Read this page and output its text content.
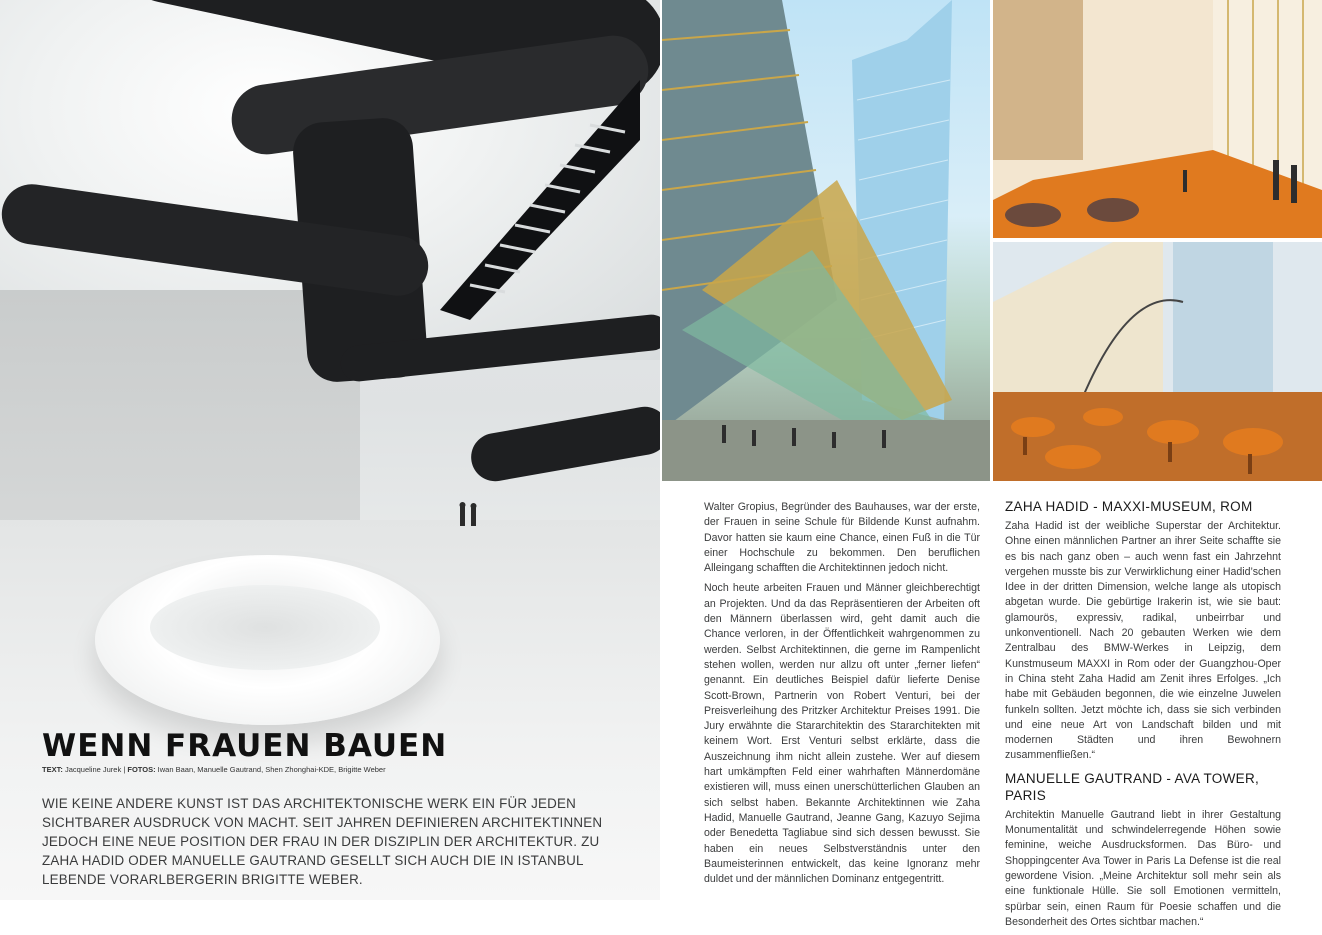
WENN FRAUEN BAUEN
TEXT: Jacqueline Jurek | FOTOS: Iwan Baan, Manuelle Gautrand, Shen Zhonghai-KDE, Brigitte Weber

WIE KEINE ANDERE KUNST IST DAS ARCHITEKTONISCHE WERK EIN FÜR JEDEN SICHTBARER AUSDRUCK VON MACHT. SEIT JAHREN DEFINIEREN ARCHITEKTINNEN JEDOCH EINE NEUE POSITION DER FRAU IN DER DISZIPLIN DER ARCHITEKTUR. ZU ZAHA HADID ODER MANUELLE GAUTRAND GESELLT SICH AUCH DIE IN ISTANBUL LEBENDE VORARLBERGERIN BRIGITTE WEBER.

Walter Gropius, Begründer des Bauhauses, war der erste, der Frauen in seine Schule für Bildende Kunst aufnahm. Davor hatten sie kaum eine Chance, einen Fuß in die Tür einer Hochschule zu bekommen. Den beruflichen Alleingang schafften die Architektinnen jedoch nicht.

Noch heute arbeiten Frauen und Männer gleichberechtigt an Projekten. Und da das Repräsentieren der Arbeiten oft den Männern überlassen wird, geht damit auch die Chance verloren, in der Öffentlichkeit wahrgenommen zu werden. Selbst Architektinnen, die gerne im Rampenlicht stehen wollen, werden nur allzu oft unter „ferner liefen“ genannt. Ein deutliches Beispiel dafür lieferte Denise Scott-Brown, Partnerin von Robert Venturi, bei der Preisverleihung des Pritzker Architektur Preises 1991. Die Jury erwähnte die Stararchitektin des Stararchitekten mit keinem Wort. Erst Venturi selbst erklärte, dass die Auszeichnung ihm nicht allein zustehe. Wer auf diesem hart umkämpften Feld einer wahrhaften Männerdomäne existieren will, muss einen unerschütterlichen Glauben an sich selbst haben. Bekannte Architektinnen wie Zaha Hadid, Manuelle Gautrand, Jeanne Gang, Kazuyo Sejima oder Benedetta Tagliabue sind sich dessen bewusst. Sie haben ein neues Selbstverständnis unter den Baumeisterinnen entwickelt, das keine Ignoranz mehr duldet und der männlichen Dominanz entgegentritt.

ZAHA HADID - MAXXI-MUSEUM, ROM

Zaha Hadid ist der weibliche Superstar der Architektur. Ohne einen männlichen Partner an ihrer Seite schaffte sie es bis nach ganz oben – auch wenn fast ein Jahrzehnt vergehen musste bis zur Verwirklichung einer Hadid’schen Idee in der dritten Dimension, welche lange als utopisch abgetan wurde. Die gebürtige Irakerin ist, wie sie baut: glamourös, expressiv, radikal, unbeirrbar und unkonventionell. Nach 20 gebauten Werken wie dem Zentralbau des BMW-Werkes in Leipzig, dem Kunstmuseum MAXXI in Rom oder der Guangzhou-Oper in China steht Zaha Hadid am Zenit ihres Erfolges. „Ich habe mit Gebäuden begonnen, die wie einzelne Juwelen funkeln sollten. Jetzt möchte ich, dass sie sich verbinden und eine neue Art von Landschaft bilden und mit modernen Städten und ihren Bewohnern zusammenfließen.“

MANUELLE GAUTRAND - AVA TOWER, PARIS

Architektin Manuelle Gautrand liebt in ihrer Gestaltung Monumentalität und schwindelerregende Höhen sowie feminine, weiche Ausdrucksformen. Das Büro- und Shoppingcenter Ava Tower in Paris La Defense ist die real gewordene Vision. „Meine Architektur soll mehr sein als eine funktionale Hülle. Sie soll Emotionen vermitteln, spürbar sein, einen Raum für Poesie schaffen und die Besonderheit des Ortes sichtbar machen.“
